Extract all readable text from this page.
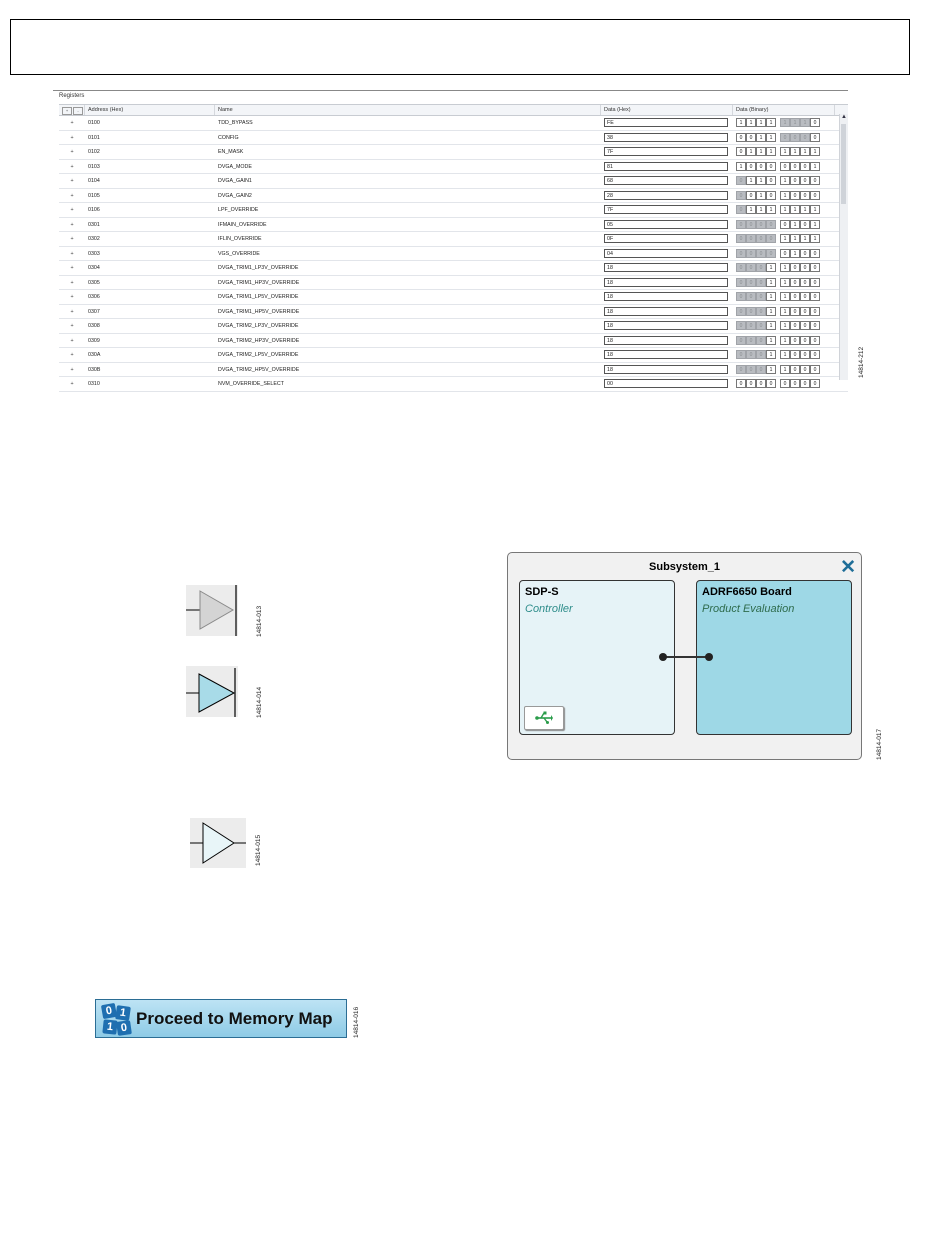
Registers
+	-	Address (Hex)	Name	Data (Hex)	Data (Binary)
+	0100	TDD_BYPASS	FE	1	1	1	1	1	1	1	0
+	0101	CONFIG	38	0	0	1	1	0	0	0	0
+	0102	EN_MASK	7F	0	1	1	1	1	1	1	1
+	0103	DVGA_MODE	81	1	0	0	0	0	0	0	1
+	0104	DVGA_GAIN1	68	0	1	1	0	1	0	0	0
+	0105	DVGA_GAIN2	28	0	0	1	0	1	0	0	0
+	0106	LPF_OVERRIDE	7F	0	1	1	1	1	1	1	1
+	0301	IFMAIN_OVERRIDE	05	0	0	0	0	0	1	0	1
+	0302	IFLIN_OVERRIDE	0F	0	0	0	0	1	1	1	1
+	0303	VGS_OVERRIDE	04	0	0	0	0	0	1	0	0
+	0304	DVGA_TRIM1_LP3V_OVERRIDE	18	0	0	0	1	1	0	0	0
+	0305	DVGA_TRIM1_HP3V_OVERRIDE	18	0	0	0	1	1	0	0	0
+	0306	DVGA_TRIM1_LP5V_OVERRIDE	18	0	0	0	1	1	0	0	0
+	0307	DVGA_TRIM1_HP5V_OVERRIDE	18	0	0	0	1	1	0	0	0
+	0308	DVGA_TRIM2_LP3V_OVERRIDE	18	0	0	0	1	1	0	0	0
+	0309	DVGA_TRIM2_HP3V_OVERRIDE	18	0	0	0	1	1	0	0	0
+	030A	DVGA_TRIM2_LP5V_OVERRIDE	18	0	0	0	1	1	0	0	0
+	030B	DVGA_TRIM2_HP5V_OVERRIDE	18	0	0	0	1	1	0	0	0
+	0310	NVM_OVERRIDE_SELECT	00	0	0	0	0	0	0	0	0
▲
14814-212
14814-013
14814-014
14814-015
Subsystem_1	✕
SDP-S
Controller
ADRF6650 Board
Product Evaluation
14814-017
0 1
1 0 Proceed to Memory Map	14814-016
